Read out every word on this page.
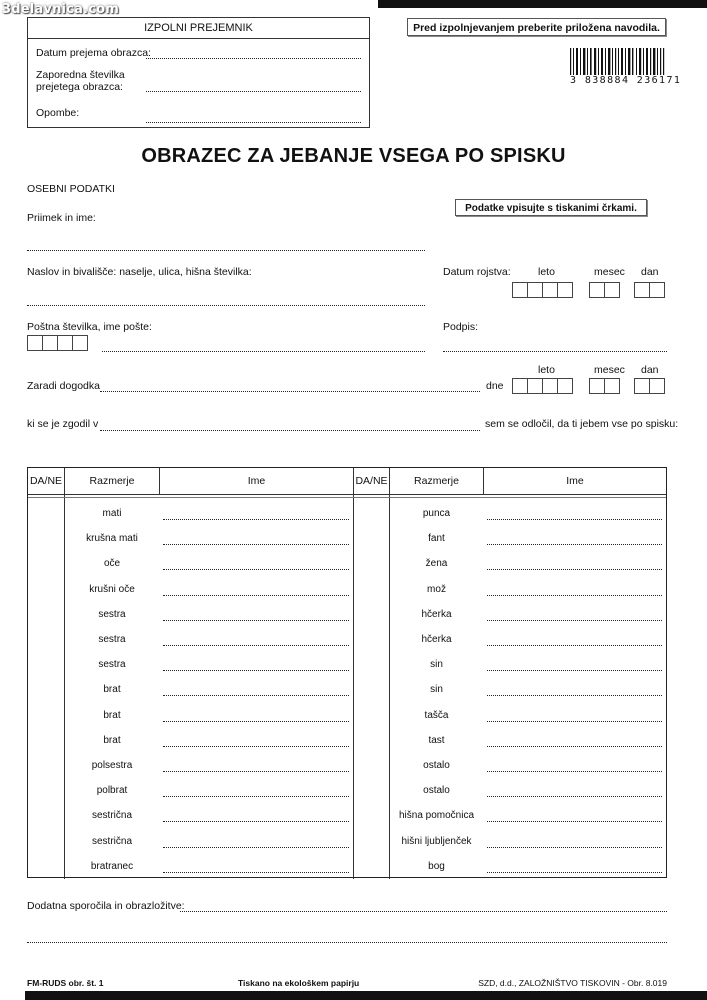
3delavnica.com
IZPOLNI PREJEMNIK
Datum prejema obrazca:
Zaporedna številka
prejetega obrazca:
Opombe:
Pred izpolnjevanjem preberite priložena navodila.
3 838884 236171
OBRAZEC ZA JEBANJE VSEGA PO SPISKU
OSEBNI PODATKI
Podatke vpisujte s tiskanimi črkami.
Priimek in ime:
Naslov in bivališče: naselje, ulica, hišna številka:	Datum rojstva:	leto	mesec dan
Poštna številka, ime pošte:	Podpis:
leto	mesec dan
Zaradi dogodka	dne
ki se je zgodil v	sem se odločil, da ti jebem vse po spisku:
DA/NE	Razmerje	Ime	DA/NE	Razmerje	Ime
mati	punca
krušna mati	fant
oče	žena
krušni oče	mož
sestra	hčerka
sestra	hčerka
sestra	sin
brat	sin
brat	tašča
brat	tast
polsestra	ostalo
polbrat	ostalo
sestrična	hišna pomočnica
sestrična	hišni ljubljenček
bratranec	bog
Dodatna sporočila in obrazložitve:
FM-RUDS obr. št. 1	Tiskano na ekološkem papirju	SZD, d.d., ZALOŽNIŠTVO TISKOVIN - Obr. 8.019
